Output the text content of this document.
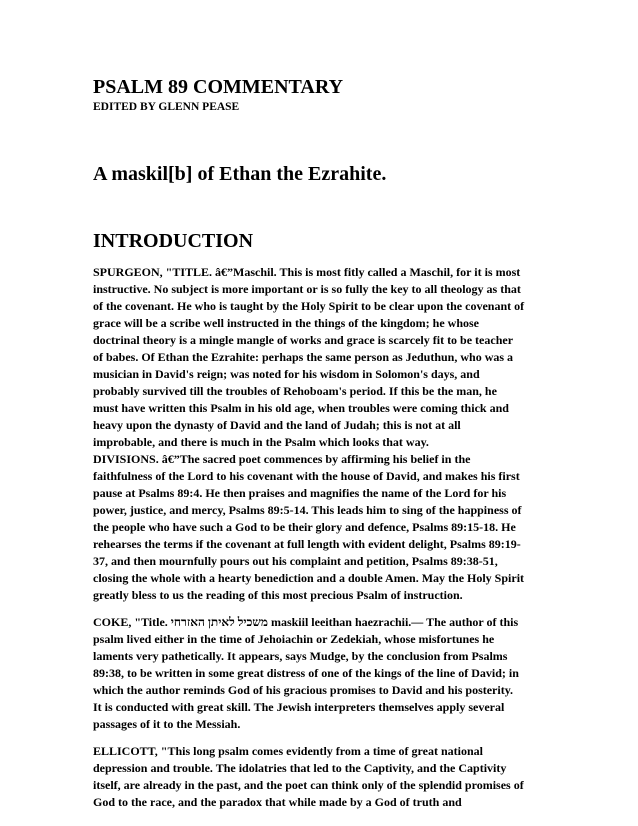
PSALM 89 COMMENTARY
EDITED BY GLENN PEASE
A maskil[b] of Ethan the Ezrahite.
INTRODUCTION

SPURGEON, "TITLE. â€”Maschil. This is most fitly called a Maschil, for it is most
instructive. No subject is more important or is so fully the key to all theology as that
of the covenant. He who is taught by the Holy Spirit to be clear upon the covenant of
grace will be a scribe well instructed in the things of the kingdom; he whose
doctrinal theory is a mingle mangle of works and grace is scarcely fit to be teacher
of babes. Of Ethan the Ezrahite: perhaps the same person as Jeduthun, who was a
musician in David's reign; was noted for his wisdom in Solomon's days, and
probably survived till the troubles of Rehoboam's period. If this be the man, he
must have written this Psalm in his old age, when troubles were coming thick and
heavy upon the dynasty of David and the land of Judah; this is not at all
improbable, and there is much in the Psalm which looks that way.
DIVISIONS. â€”The sacred poet commences by affirming his belief in the
faithfulness of the Lord to his covenant with the house of David, and makes his first
pause at Psalms 89:4. He then praises and magnifies the name of the Lord for his
power, justice, and mercy, Psalms 89:5-14. This leads him to sing of the happiness of
the people who have such a God to be their glory and defence, Psalms 89:15-18. He
rehearses the terms if the covenant at full length with evident delight, Psalms 89:19-
37, and then mournfully pours out his complaint and petition, Psalms 89:38-51,
closing the whole with a hearty benediction and a double Amen. May the Holy Spirit
greatly bless to us the reading of this most precious Psalm of instruction.

COKE, "Title. משכיל לאיתן האזרחי maskiil leeithan haezrachii.— The author of this
psalm lived either in the time of Jehoiachin or Zedekiah, whose misfortunes he
laments very pathetically. It appears, says Mudge, by the conclusion from Psalms
89:38, to be written in some great distress of one of the kings of the line of David; in
which the author reminds God of his gracious promises to David and his posterity.
It is conducted with great skill. The Jewish interpreters themselves apply several
passages of it to the Messiah.

ELLICOTT, "This long psalm comes evidently from a time of great national
depression and trouble. The idolatries that led to the Captivity, and the Captivity
itself, are already in the past, and the poet can think only of the splendid promises of
God to the race, and the paradox that while made by a God of truth and
